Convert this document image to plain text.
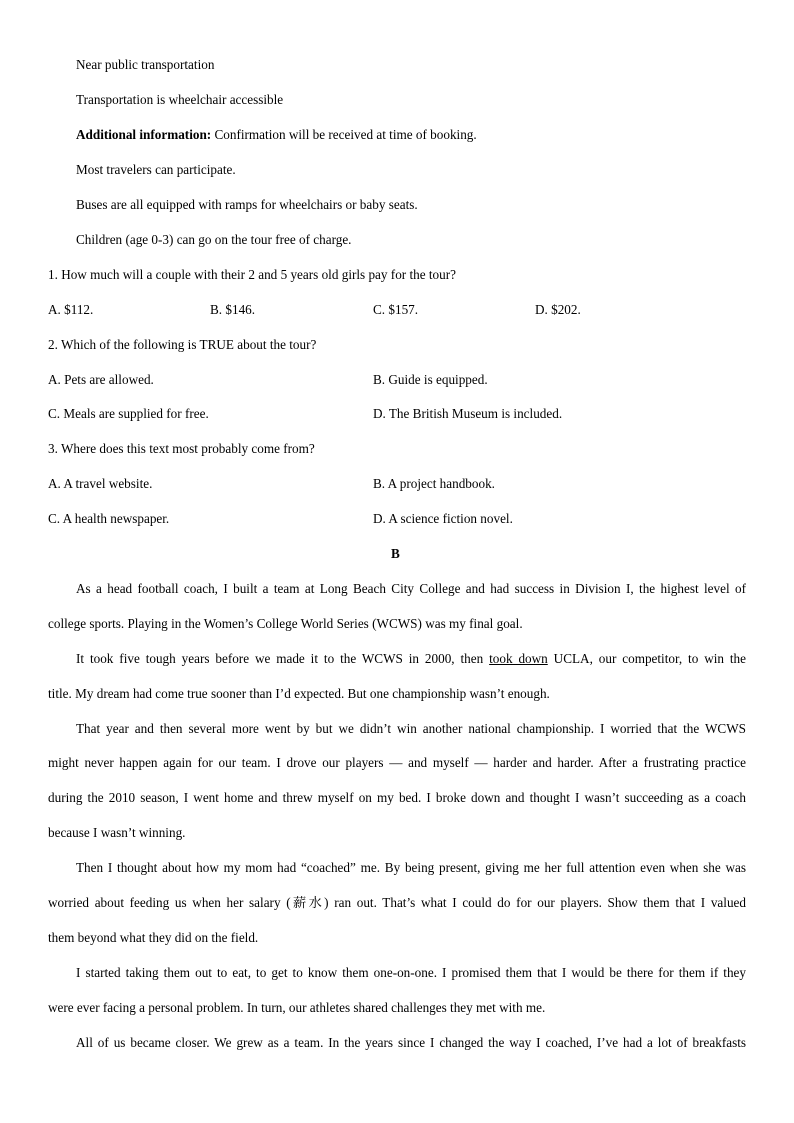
Near public transportation
Transportation is wheelchair accessible
Additional information: Confirmation will be received at time of booking.
Most travelers can participate.
Buses are all equipped with ramps for wheelchairs or baby seats.
Children (age 0-3) can go on the tour free of charge.
1. How much will a couple with their 2 and 5 years old girls pay for the tour?
A. $112.	B. $146.	C. $157.	D. $202.
2. Which of the following is TRUE about the tour?
A. Pets are allowed.	B. Guide is equipped.
C. Meals are supplied for free.	D. The British Museum is included.
3. Where does this text most probably come from?
A. A travel website.	B. A project handbook.
C. A health newspaper.	D. A science fiction novel.
B
As a head football coach, I built a team at Long Beach City College and had success in Division I, the highest level of
college sports. Playing in the Women’s College World Series (WCWS) was my final goal.
It took five tough years before we made it to the WCWS in 2000, then took down UCLA, our competitor, to win the
title. My dream had come true sooner than I’d expected. But one championship wasn’t enough.
That year and then several more went by but we didn’t win another national championship. I worried that the WCWS
might never happen again for our team. I drove our players — and myself — harder and harder. After a frustrating practice
during the 2010 season, I went home and threw myself on my bed. I broke down and thought I wasn’t succeeding as a coach
because I wasn’t winning.
Then I thought about how my mom had “coached” me. By being present, giving me her full attention even when she was
worried about feeding us when her salary (薪水) ran out. That’s what I could do for our players. Show them that I valued
them beyond what they did on the field.
I started taking them out to eat, to get to know them one-on-one. I promised them that I would be there for them if they
were ever facing a personal problem. In turn, our athletes shared challenges they met with me.
All of us became closer. We grew as a team. In the years since I changed the way I coached, I’ve had a lot of breakfasts
